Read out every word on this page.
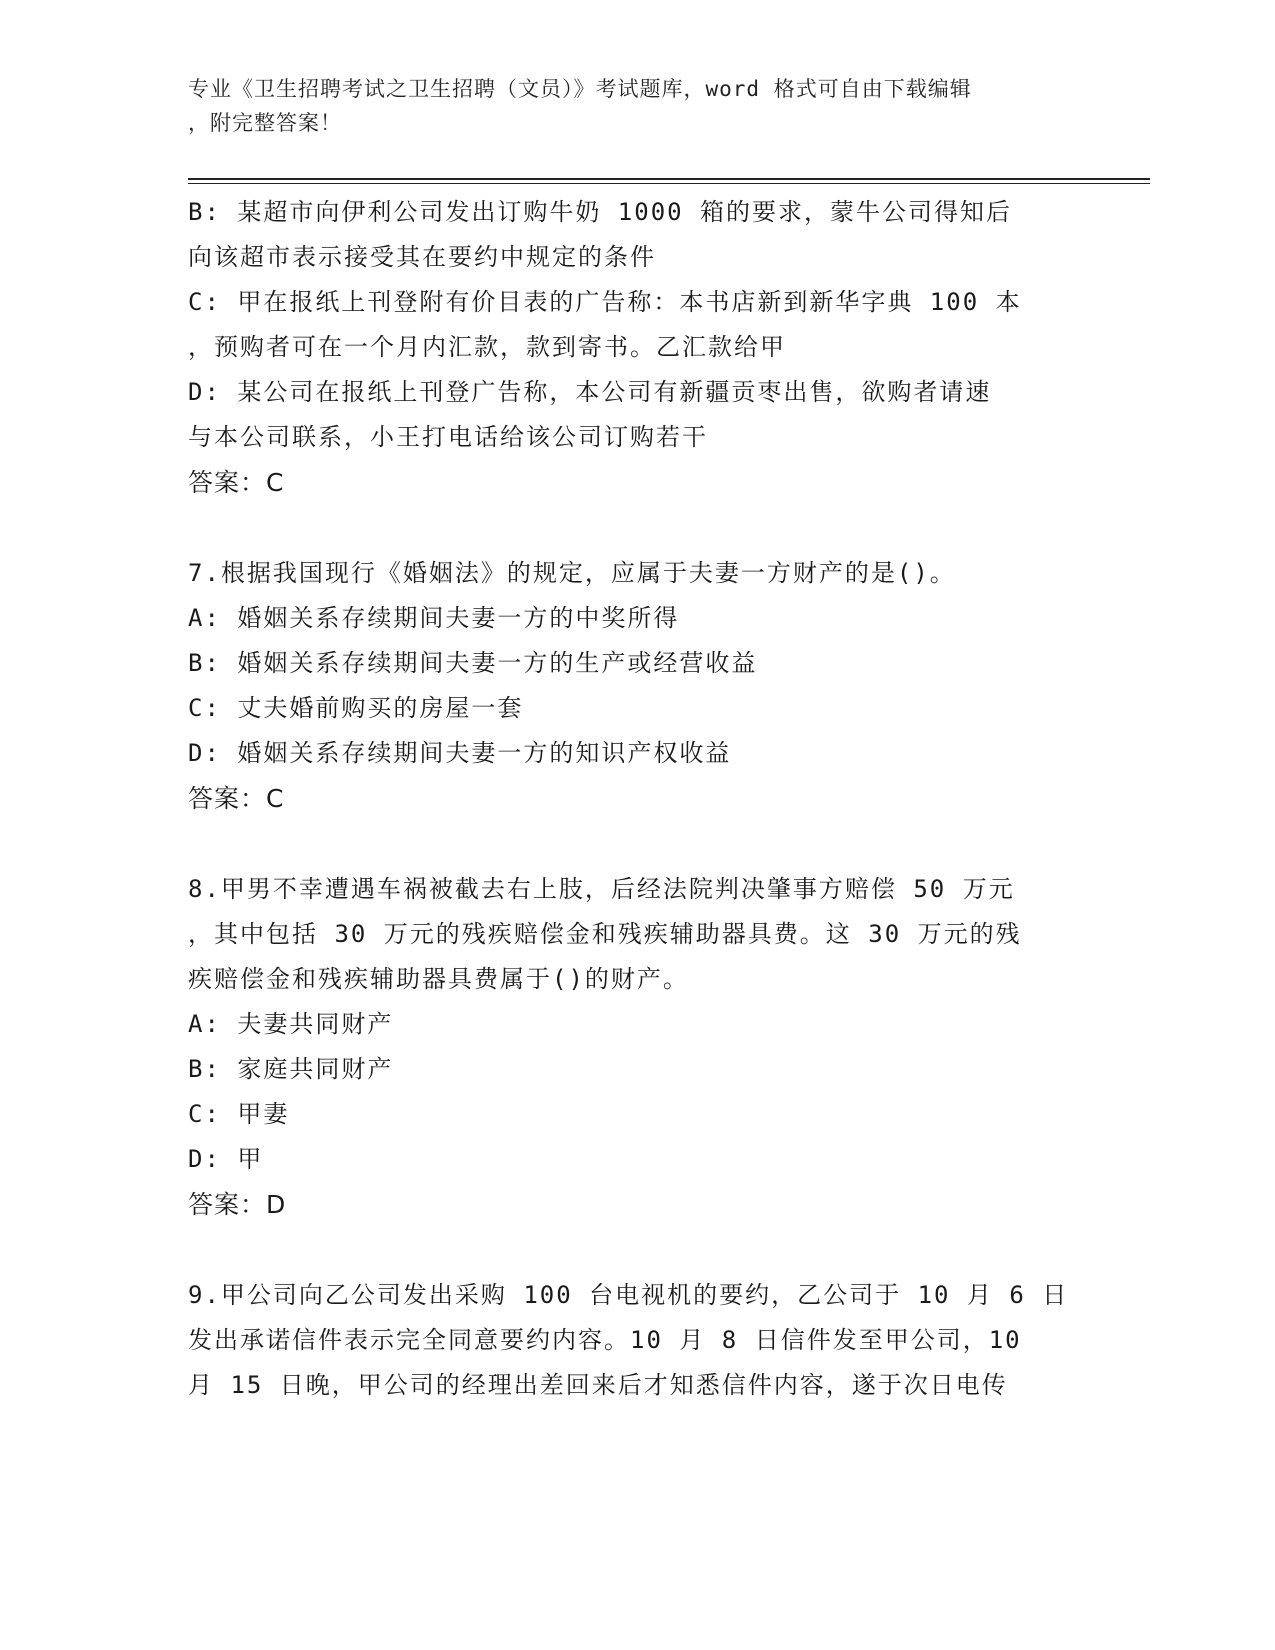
专业《卫生招聘考试之卫生招聘（文员）》考试题库，word 格式可自由下载编辑
，附完整答案！
B: 某超市向伊利公司发出订购牛奶 1000 箱的要求，蒙牛公司得知后
向该超市表示接受其在要约中规定的条件
C: 甲在报纸上刊登附有价目表的广告称：本书店新到新华字典 100 本
，预购者可在一个月内汇款，款到寄书。乙汇款给甲
D: 某公司在报纸上刊登广告称，本公司有新疆贡枣出售，欲购者请速
与本公司联系，小王打电话给该公司订购若干
答案：C
7.根据我国现行《婚姻法》的规定，应属于夫妻一方财产的是()。
A: 婚姻关系存续期间夫妻一方的中奖所得
B: 婚姻关系存续期间夫妻一方的生产或经营收益
C: 丈夫婚前购买的房屋一套
D: 婚姻关系存续期间夫妻一方的知识产权收益
答案：C
8.甲男不幸遭遇车祸被截去右上肢，后经法院判决肇事方赔偿 50 万元
，其中包括 30 万元的残疾赔偿金和残疾辅助器具费。这 30 万元的残
疾赔偿金和残疾辅助器具费属于()的财产。
A: 夫妻共同财产
B: 家庭共同财产
C: 甲妻
D: 甲
答案：D
9.甲公司向乙公司发出采购 100 台电视机的要约，乙公司于 10 月 6 日
发出承诺信件表示完全同意要约内容。10 月 8 日信件发至甲公司，10
月 15 日晚，甲公司的经理出差回来后才知悉信件内容，遂于次日电传
